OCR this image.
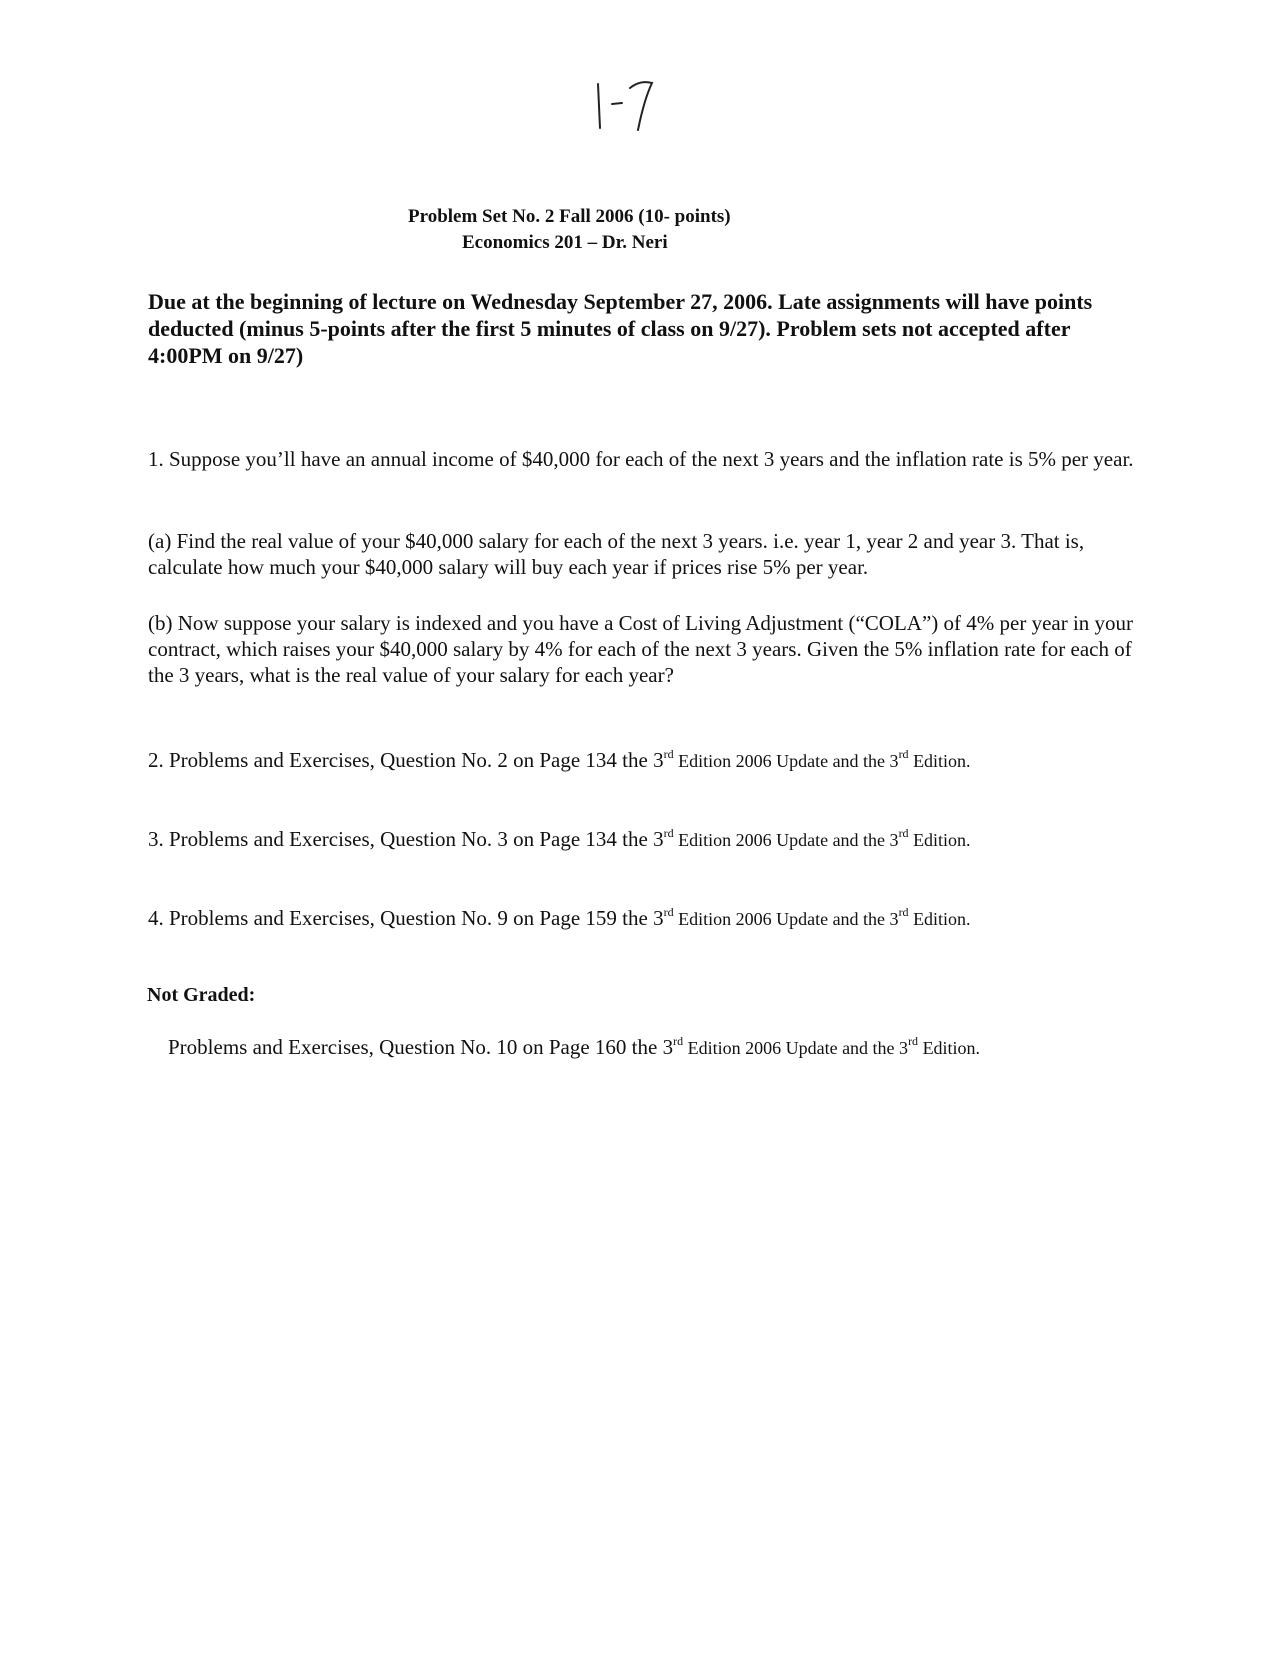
Problem Set No. 2 Fall 2006 (10- points)
Economics 201 – Dr. Neri
Due at the beginning of lecture on Wednesday September 27, 2006. Late assignments will have points deducted (minus 5-points after the first 5 minutes of class on 9/27). Problem sets not accepted after 4:00PM on 9/27)
1. Suppose you’ll have an annual income of $40,000 for each of the next 3 years and the inflation rate is 5% per year.
(a) Find the real value of your $40,000 salary for each of the next 3 years. i.e. year 1, year 2 and year 3. That is, calculate how much your $40,000 salary will buy each year if prices rise 5% per year.
(b) Now suppose your salary is indexed and you have a Cost of Living Adjustment (“COLA”) of 4% per year in your contract, which raises your $40,000 salary by 4% for each of the next 3 years. Given the 5% inflation rate for each of the 3 years, what is the real value of your salary for each year?
2. Problems and Exercises, Question No. 2 on Page 134 the 3rd Edition 2006 Update and the 3rd Edition.
3. Problems and Exercises, Question No. 3 on Page 134 the 3rd Edition 2006 Update and the 3rd Edition.
4. Problems and Exercises, Question No. 9 on Page 159 the 3rd Edition 2006 Update and the 3rd Edition.
Not Graded:
Problems and Exercises, Question No. 10 on Page 160 the 3rd Edition 2006 Update and the 3rd Edition.
